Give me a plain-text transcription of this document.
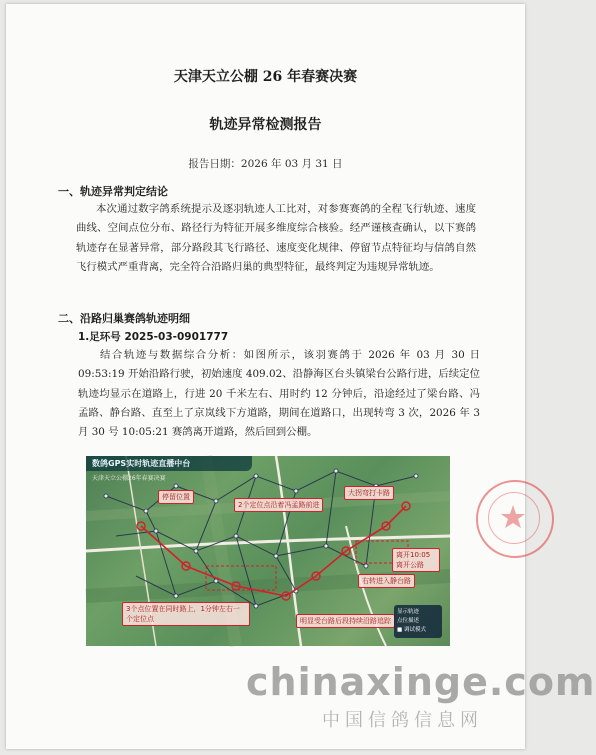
天津天立公棚 26 年春赛决赛
轨迹异常检测报告
报告日期：2026 年 03 月 31 日
一、轨迹异常判定结论
本次通过数字鸽系统提示及逐羽轨迹人工比对，对参赛赛鸽的全程飞行轨迹、速度曲线、空间点位分布、路径行为特征开展多维度综合核验。经严谨核查确认，以下赛鸽轨迹存在显著异常，部分路段其飞行路径、速度变化规律、停留节点特征均与信鸽自然飞行模式严重背离，完全符合沿路归巢的典型特征，最终判定为违规异常轨迹。
二、沿路归巢赛鸽轨迹明细
1.足环号 2025-03-0901777
结合轨迹与数据综合分析：如图所示，该羽赛鸽于 2026 年 03 月 30 日 09:53:19 开始沿路行驶，初始速度 409.02、沿静海区台头镇梁台公路行进，后续定位轨迹均显示在道路上，行进 20 千米左右、用时约 12 分钟后，沿途经过了梁台路、冯孟路、静台路、直至上了京岚线下方道路，期间在道路口，出现转弯 3 次，2026 年 3 月 30 号 10:05:21 赛鸽离开道路，然后回到公棚。
数鸽GPS实时轨迹直播中台
天津天立公棚26年春赛决赛
停留位置
2个定位点沿着冯孟路前进
大拐弯打卡路
离开10:05离开公路
右转进入静台路
3个点位置在同时路上，1分钟左右一个定位点	明显受台路后段持续沿路追踪
显示轨迹
点位描述
■ 调试模式
chinaxinge.com
中国信鸽信息网
